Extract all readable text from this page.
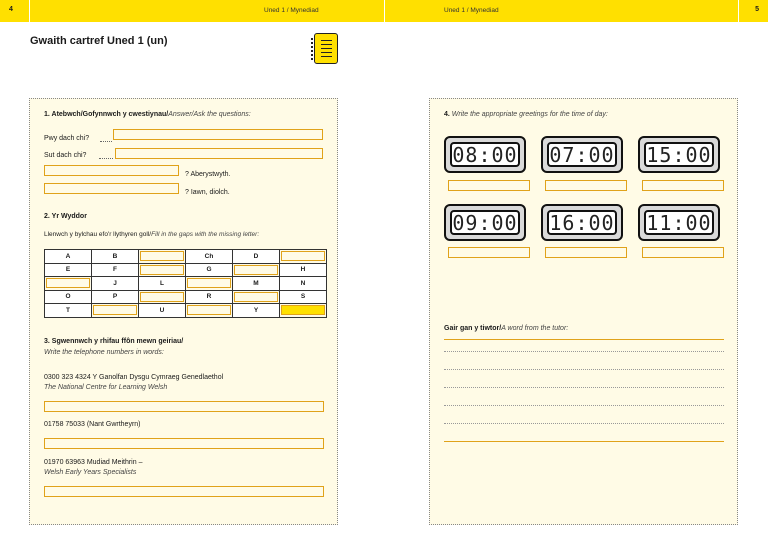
4	Uned 1 / Mynediad	Uned 1 / Mynediad	5
Gwaith cartref Uned 1 (un)
1. Atebwch/Gofynnwch y cwestiynau/Answer/Ask the questions:
Pwy dach chi?
Sut dach chi?
? Aberystwyth.
? Iawn, diolch.
2. Yr Wyddor
Llenwch y bylchau efo'r llythyren goll/Fill in the gaps with the missing letter:
A	B		Ch	D	

E	F		G		H

	J	L		M	N
O	P		R		S
T		U		Y	
3. Sgwennwch y rhifau ffôn mewn geiriau/
Write the telephone numbers in words:
0300 323 4324 Y Ganolfan Dysgu Cymraeg Genedlaethol
The National Centre for Learning Welsh
01758 75033 (Nant Gwrtheyrn)
01970 63963 Mudiad Meithrin –
Welsh Early Years Specialists
4. Write the appropriate greetings for the time of day:
08:00 07:00 15:00
09:00 16:00 11:00
Gair gan y tiwtor/A word from the tutor:
